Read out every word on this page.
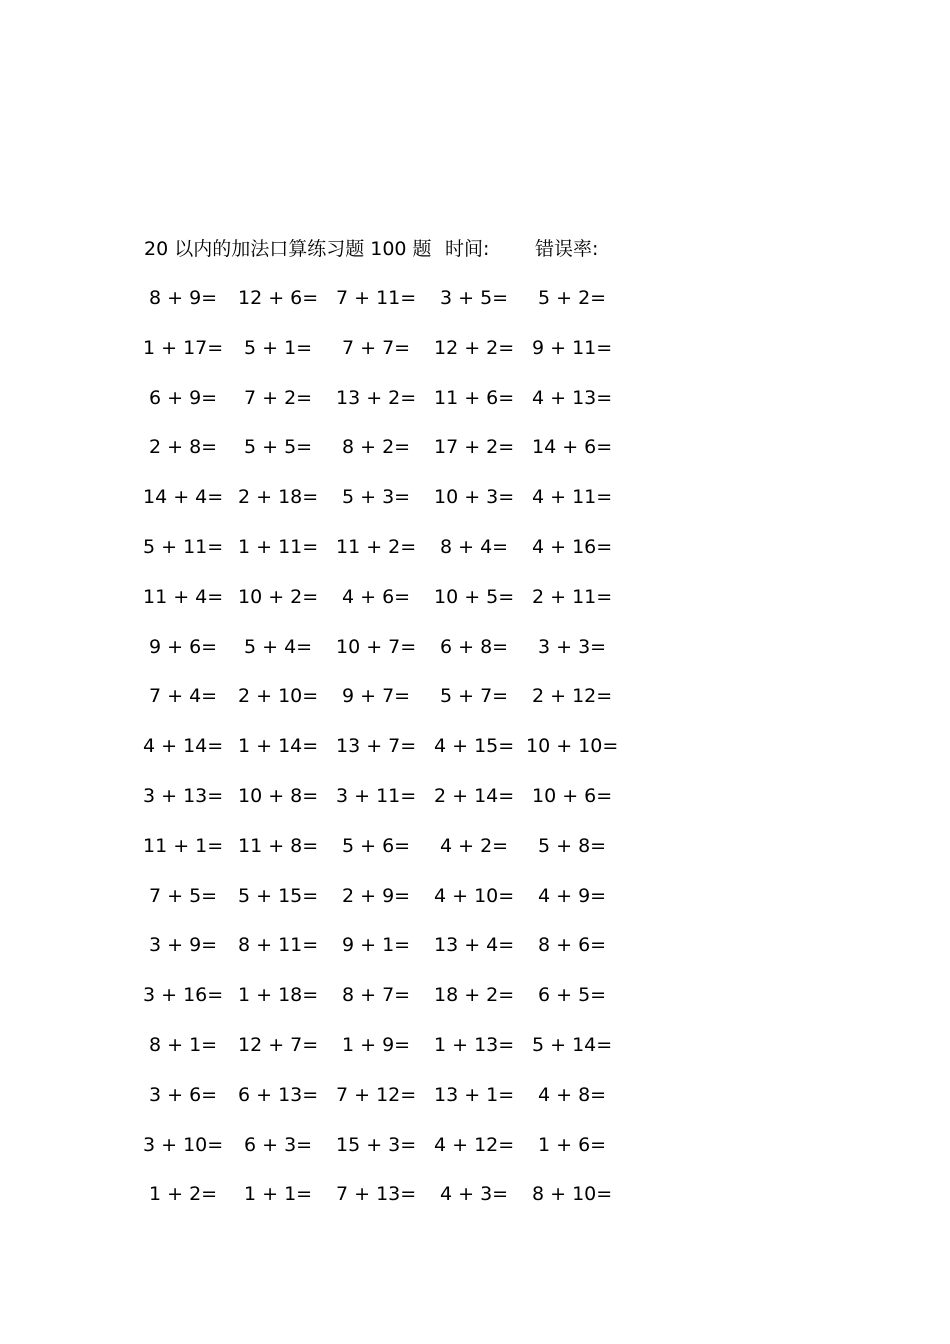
20 以内的加法口算练习题 100 题 时间: 错误率:
8 + 9= 12 + 6= 7 + 11= 3 + 5= 5 + 2=
1 + 17= 5 + 1= 7 + 7= 12 + 2= 9 + 11=
6 + 9= 7 + 2= 13 + 2= 11 + 6= 4 + 13=
2 + 8= 5 + 5= 8 + 2= 17 + 2= 14 + 6=
14 + 4= 2 + 18= 5 + 3= 10 + 3= 4 + 11=
5 + 11= 1 + 11= 11 + 2= 8 + 4= 4 + 16=
11 + 4= 10 + 2= 4 + 6= 10 + 5= 2 + 11=
9 + 6= 5 + 4= 10 + 7= 6 + 8= 3 + 3=
7 + 4= 2 + 10= 9 + 7= 5 + 7= 2 + 12=
4 + 14= 1 + 14= 13 + 7= 4 + 15= 10 + 10=
3 + 13= 10 + 8= 3 + 11= 2 + 14= 10 + 6=
11 + 1= 11 + 8= 5 + 6= 4 + 2= 5 + 8=
7 + 5= 5 + 15= 2 + 9= 4 + 10= 4 + 9=
3 + 9= 8 + 11= 9 + 1= 13 + 4= 8 + 6=
3 + 16= 1 + 18= 8 + 7= 18 + 2= 6 + 5=
8 + 1= 12 + 7= 1 + 9= 1 + 13= 5 + 14=
3 + 6= 6 + 13= 7 + 12= 13 + 1= 4 + 8=
3 + 10= 6 + 3= 15 + 3= 4 + 12= 1 + 6=
1 + 2= 1 + 1= 7 + 13= 4 + 3= 8 + 10=
